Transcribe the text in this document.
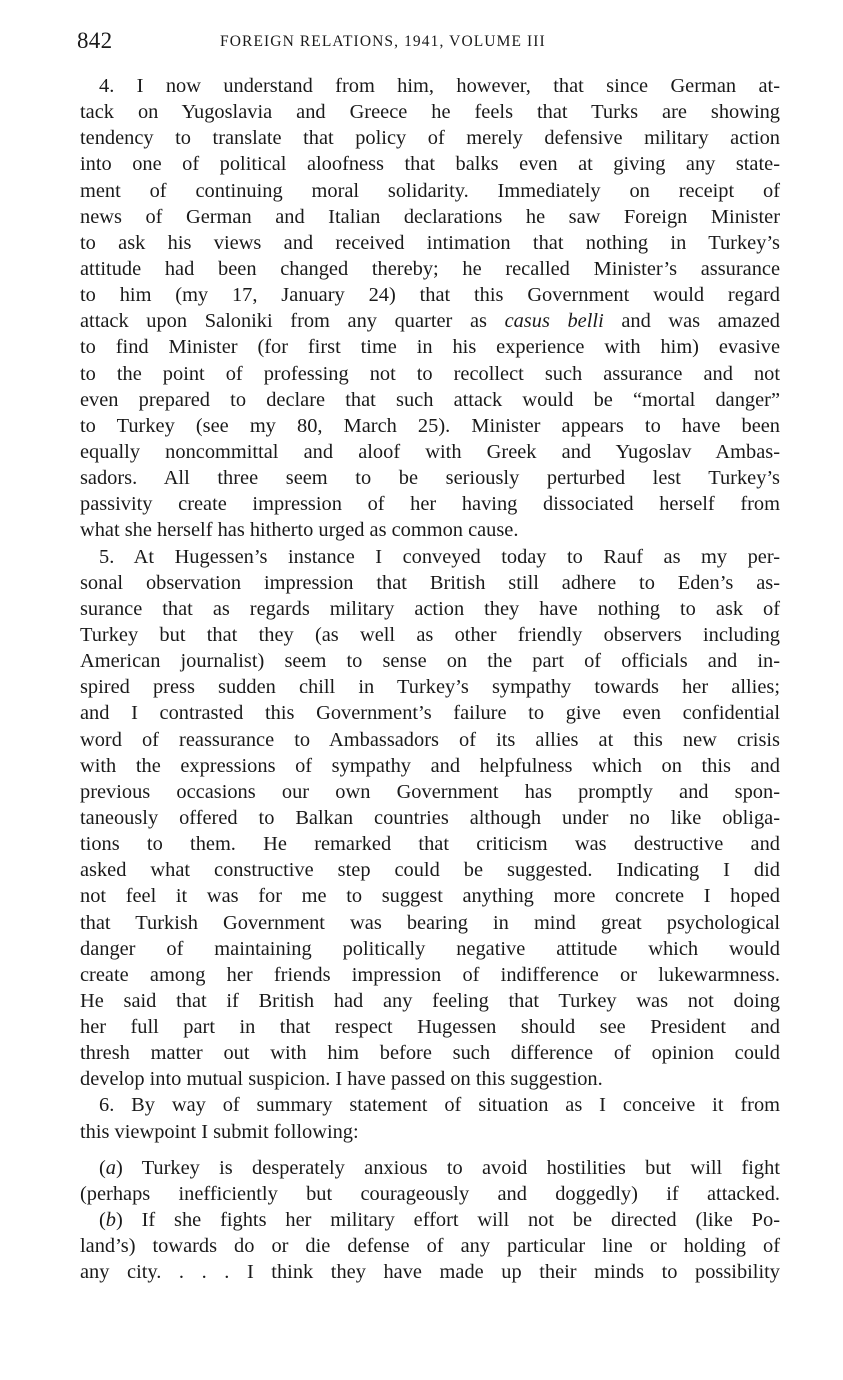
842	FOREIGN RELATIONS, 1941, VOLUME III
4. I now understand from him, however, that since German at-
tack on Yugoslavia and Greece he feels that Turks are showing
tendency to translate that policy of merely defensive military action
into one of political aloofness that balks even at giving any state-
ment of continuing moral solidarity. Immediately on receipt of
news of German and Italian declarations he saw Foreign Minister
to ask his views and received intimation that nothing in Turkey’s
attitude had been changed thereby; he recalled Minister’s assurance
to him (my 17, January 24) that this Government would regard
attack upon Saloniki from any quarter as casus belli and was amazed
to find Minister (for first time in his experience with him) evasive
to the point of professing not to recollect such assurance and not
even prepared to declare that such attack would be “mortal danger”
to Turkey (see my 80, March 25). Minister appears to have been
equally noncommittal and aloof with Greek and Yugoslav Ambas-
sadors. All three seem to be seriously perturbed lest Turkey’s
passivity create impression of her having dissociated herself from
what she herself has hitherto urged as common cause.
5. At Hugessen’s instance I conveyed today to Rauf as my per-
sonal observation impression that British still adhere to Eden’s as-
surance that as regards military action they have nothing to ask of
Turkey but that they (as well as other friendly observers including
American journalist) seem to sense on the part of officials and in-
spired press sudden chill in Turkey’s sympathy towards her allies;
and I contrasted this Government’s failure to give even confidential
word of reassurance to Ambassadors of its allies at this new crisis
with the expressions of sympathy and helpfulness which on this and
previous occasions our own Government has promptly and spon-
taneously offered to Balkan countries although under no like obliga-
tions to them. He remarked that criticism was destructive and
asked what constructive step could be suggested. Indicating I did
not feel it was for me to suggest anything more concrete I hoped
that Turkish Government was bearing in mind great psychological
danger of maintaining politically negative attitude which would
create among her friends impression of indifference or lukewarmness.
He said that if British had any feeling that Turkey was not doing
her full part in that respect Hugessen should see President and
thresh matter out with him before such difference of opinion could
develop into mutual suspicion. I have passed on this suggestion.
6. By way of summary statement of situation as I conceive it from
this viewpoint I submit following:
(a) Turkey is desperately anxious to avoid hostilities but will fight
(perhaps inefficiently but courageously and doggedly) if attacked.
(b) If she fights her military effort will not be directed (like Po-
land’s) towards do or die defense of any particular line or holding of
any city. . . . I think they have made up their minds to possibility
